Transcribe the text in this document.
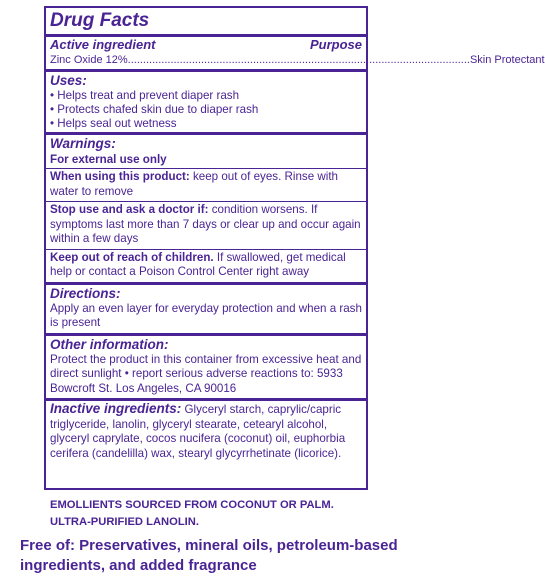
Drug Facts
Active ingredient	Purpose
Zinc Oxide 12% ................................................................................................................ Skin Protectant
Uses:
• Helps treat and prevent diaper rash
• Protects chafed skin due to diaper rash
• Helps seal out wetness
Warnings:
For external use only
When using this product: keep out of eyes. Rinse with water to remove
Stop use and ask a doctor if: condition worsens. If symptoms last more than 7 days or clear up and occur again within a few days
Keep out of reach of children. If swallowed, get medical help or contact a Poison Control Center right away
Directions:
Apply an even layer for everyday protection and when a rash is present
Other information:
Protect the product in this container from excessive heat and direct sunlight • report serious adverse reactions to: 5933 Bowcroft St. Los Angeles, CA 90016
Inactive ingredients: Glyceryl starch, caprylic/capric triglyceride, lanolin, glyceryl stearate, cetearyl alcohol, glyceryl caprylate, cocos nucifera (coconut) oil, euphorbia cerifera (candelilla) wax, stearyl glycyrrhetinate (licorice).
EMOLLIENTS SOURCED FROM COCONUT OR PALM.
ULTRA-PURIFIED LANOLIN.
Free of: Preservatives, mineral oils, petroleum-based ingredients, and added fragrance
